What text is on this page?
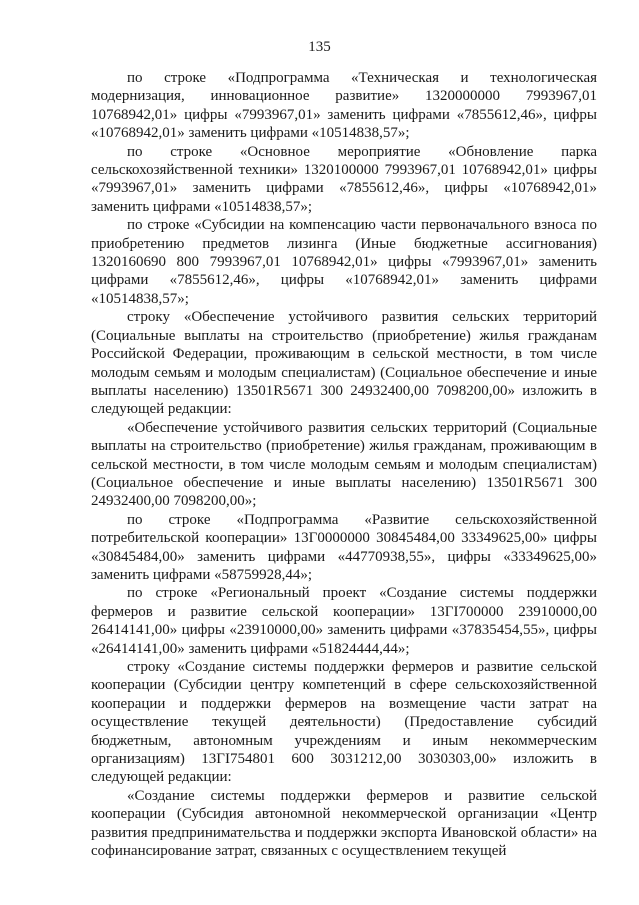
135

по строке «Подпрограмма «Техническая и технологическая модернизация, инновационное развитие» 1320000000 7993967,01 10768942,01» цифры «7993967,01» заменить цифрами «7855612,46», цифры «10768942,01» заменить цифрами «10514838,57»;

по строке «Основное мероприятие «Обновление парка сельскохозяйственной техники» 1320100000 7993967,01 10768942,01» цифры «7993967,01» заменить цифрами «7855612,46», цифры «10768942,01» заменить цифрами «10514838,57»;

по строке «Субсидии на компенсацию части первоначального взноса по приобретению предметов лизинга (Иные бюджетные ассигнования) 1320160690 800 7993967,01 10768942,01» цифры «7993967,01» заменить цифрами «7855612,46», цифры «10768942,01» заменить цифрами «10514838,57»;

строку «Обеспечение устойчивого развития сельских территорий (Социальные выплаты на строительство (приобретение) жилья гражданам Российской Федерации, проживающим в сельской местности, в том числе молодым семьям и молодым специалистам) (Социальное обеспечение и иные выплаты населению) 13501R5671 300 24932400,00 7098200,00» изложить в следующей редакции:

«Обеспечение устойчивого развития сельских территорий (Социальные выплаты на строительство (приобретение) жилья гражданам, проживающим в сельской местности, в том числе молодым семьям и молодым специалистам) (Социальное обеспечение и иные выплаты населению) 13501R5671 300 24932400,00 7098200,00»;

по строке «Подпрограмма «Развитие сельскохозяйственной потребительской кооперации» 13Г0000000 30845484,00 33349625,00» цифры «30845484,00» заменить цифрами «44770938,55», цифры «33349625,00» заменить цифрами «58759928,44»;

по строке «Региональный проект «Создание системы поддержки фермеров и развитие сельской кооперации» 13ГI700000 23910000,00 26414141,00» цифры «23910000,00» заменить цифрами «37835454,55», цифры «26414141,00» заменить цифрами «51824444,44»;

строку «Создание системы поддержки фермеров и развитие сельской кооперации (Субсидии центру компетенций в сфере сельскохозяйственной кооперации и поддержки фермеров на возмещение части затрат на осуществление текущей деятельности) (Предоставление субсидий бюджетным, автономным учреждениям и иным некоммерческим организациям) 13ГI754801 600 3031212,00 3030303,00» изложить в следующей редакции:

«Создание системы поддержки фермеров и развитие сельской кооперации (Субсидия автономной некоммерческой организации «Центр развития предпринимательства и поддержки экспорта Ивановской области» на софинансирование затрат, связанных с осуществлением текущей
